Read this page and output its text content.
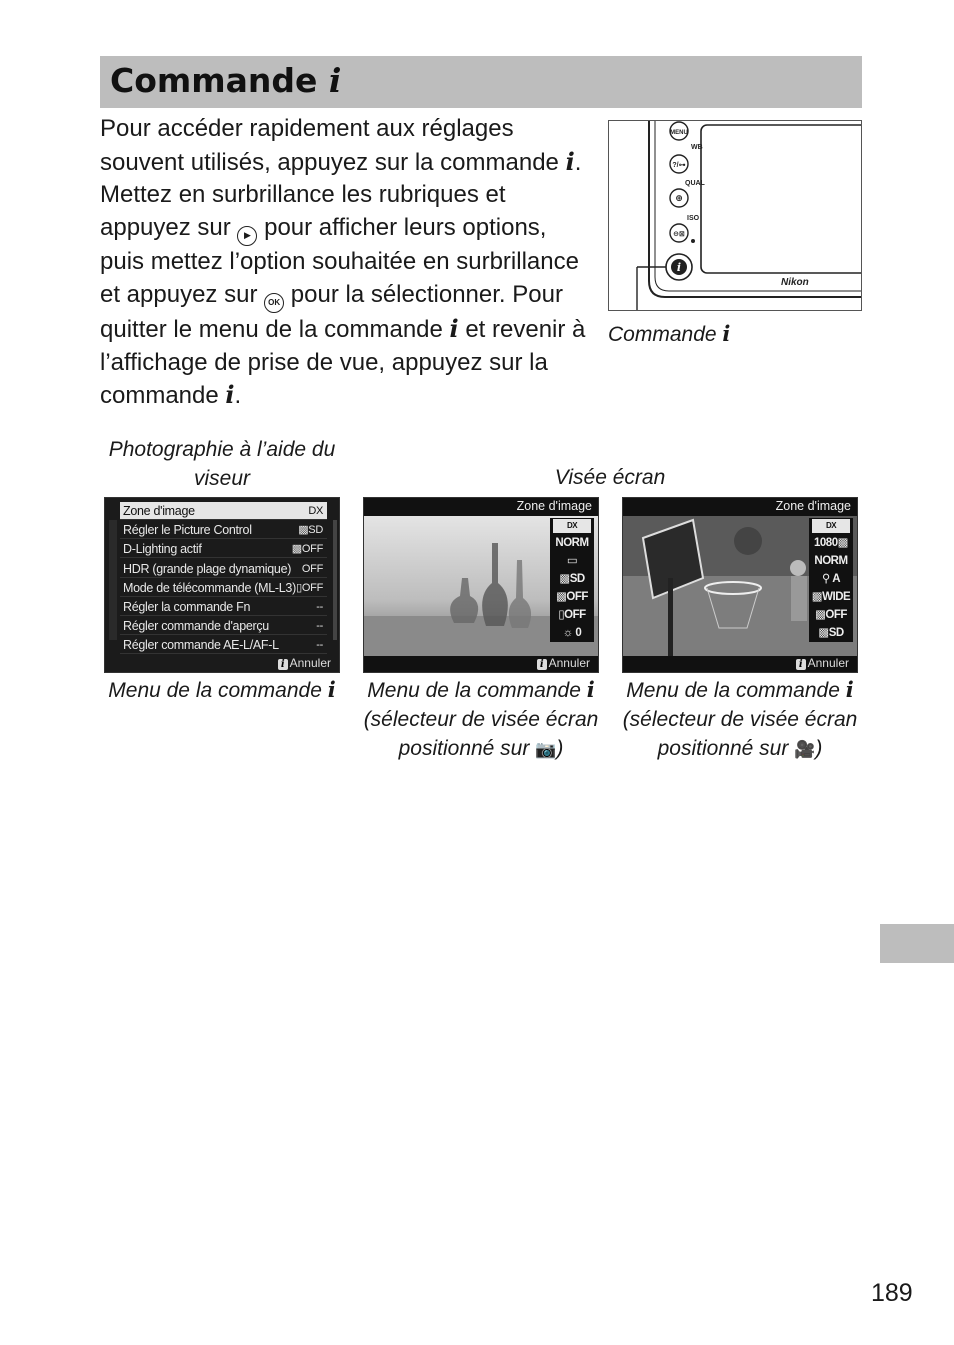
Commande i
Pour accéder rapidement aux réglages souvent utilisés, appuyez sur la commande i. Mettez en surbrillance les rubriques et appuyez sur ▶ pour afficher leurs options, puis mettez l’option souhaitée en surbrillance et appuyez sur OK pour la sélectionner. Pour quitter le menu de la commande i et revenir à l’affichage de prise de vue, appuyez sur la commande i.
MENU
?/⊶
⊕
⊖⊠
i
WB
QUAL
ISO
Nikon
Commande i
Photographie à l’aide du viseur	Visée écran
Zone d'image	DX
Régler le Picture Control	▩SD
D-Lighting actif	▩OFF
HDR (grande plage dynamique) OFF
Mode de télécommande (ML-L3) ▯OFF
Régler la commande Fn	--
Régler commande d'aperçu	--
Régler commande AE-L/AF-L	--
i Annuler
Zone d'image
DX
NORM
▭
▩SD
▩OFF
▯OFF
☼ 0
i Annuler
Zone d'image
DX
1080▩
NORM
⚲ A
▩WIDE
▩OFF
▩SD
i Annuler
Menu de la commande i	Menu de la commande i
(sélecteur de visée écran
positionné sur 📷)
Menu de la commande i
(sélecteur de visée écran
positionné sur 🎥)
189
